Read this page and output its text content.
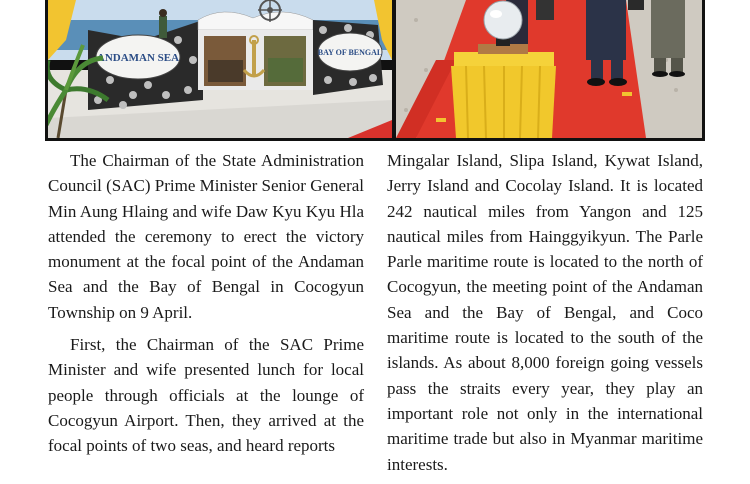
ANDAMAN SEA	BAY OF BENGAL

The Chairman of the State Administration Council (SAC) Prime Minister Senior General Min Aung Hlaing and wife Daw Kyu Kyu Hla attended the ceremony to erect the victory monument at the focal point of the Andaman Sea and the Bay of Bengal in Cocogyun Township on 9 April.

First, the Chairman of the SAC Prime Minister and wife presented lunch for local people through officials at the lounge of Cocogyun Airport. Then, they arrived at the focal points of two seas, and heard reports

Mingalar Island, Slipa Island, Kywat Island, Jerry Island and Cocolay Island. It is located 242 nautical miles from Yangon and 125 nautical miles from Hainggyikyun. The Parle Parle maritime route is located to the north of Cocogyun, the meeting point of the Andaman Sea and the Bay of Bengal, and Coco maritime route is located to the south of the islands. As about 8,000 foreign going vessels pass the straits every year, they play an important role not only in the international maritime trade but also in Myanmar maritime interests.
